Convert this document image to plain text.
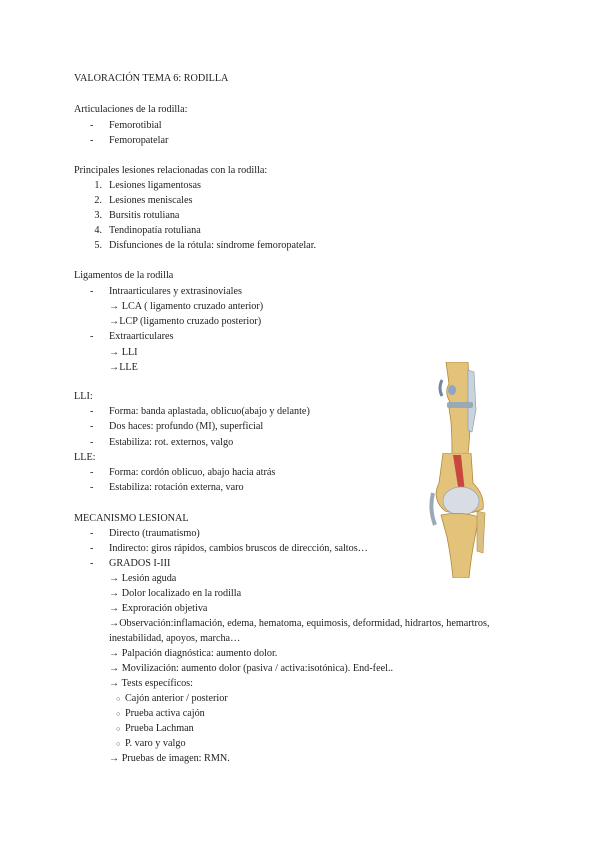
VALORACIÓN TEMA 6: RODILLA
Articulaciones de la rodilla:
- Femorotibial
- Femoropatelar
Principales lesiones relacionadas con la rodilla:
1. Lesiones ligamentosas
2. Lesiones meniscales
3. Bursitis rotuliana
4. Tendinopatía rotuliana
5. Disfunciones de la rótula: síndrome femoropatelar.
Ligamentos de la rodilla
- Intraarticulares y extrasinoviales
→ LCA ( ligamento cruzado anterior)
→LCP (ligamento cruzado posterior)
- Extraarticulares
→ LLI
→LLE
LLI:
- Forma: banda aplastada, oblicuo(abajo y delante)
- Dos haces: profundo (MI), superficial
- Estabiliza: rot. externos, valgo
LLE:
- Forma: cordón oblicuo, abajo hacia atrás
- Estabiliza: rotación externa, varo
MECANISMO LESIONAL
- Directo (traumatismo)
- Indirecto: giros rápidos, cambios bruscos de dirección, saltos…
- GRADOS I-III
→ Lesión aguda
→ Dolor localizado en la rodilla
→ Exproración objetiva
→Observación:inflamación, edema, hematoma, equimosis, deformidad, hidrartos, hemartros,
inestabilidad, apoyos, marcha…
→ Palpación diagnóstica: aumento dolor.
→ Movilización: aumento dolor (pasiva / activa:isotónica). End-feel..
→ Tests específicos:
○ Cajón anterior / posterior
○ Prueba activa cajón
○ Prueba Lachman
○ P. varo y valgo
→ Pruebas de imagen: RMN.
